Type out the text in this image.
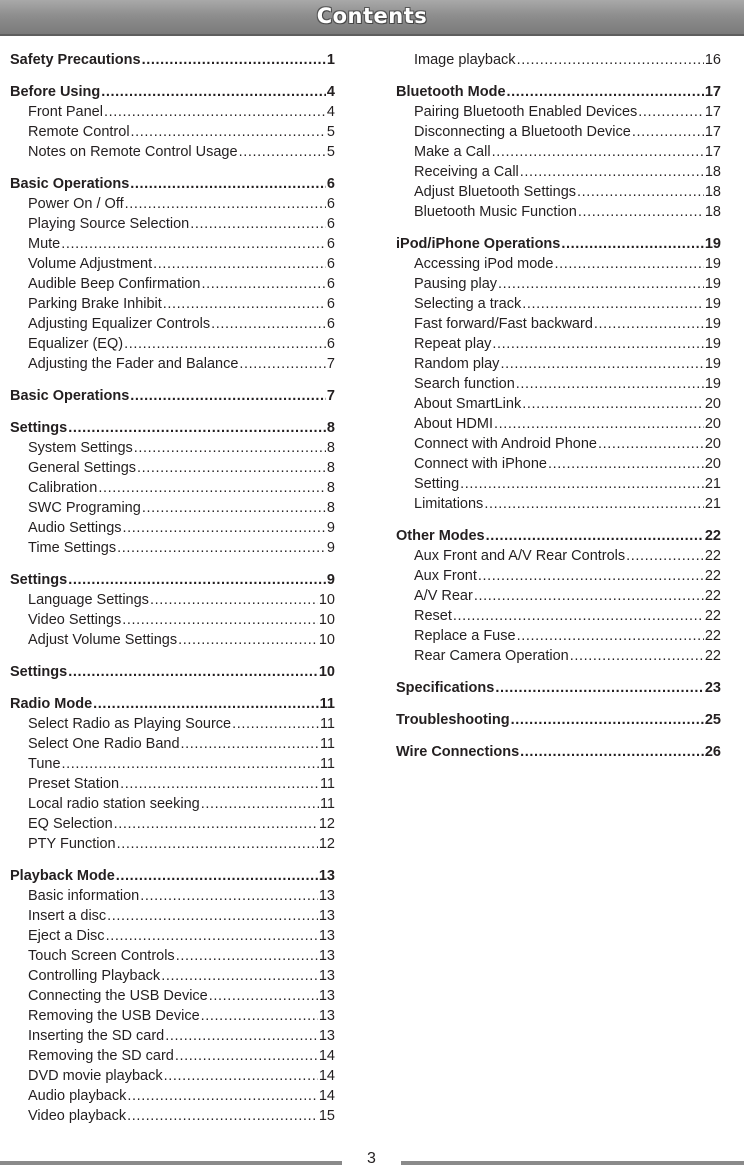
Contents
Safety Precautions .....	1
Before Using .....	4
Front Panel .....	4
Remote Control .....	5
Notes on Remote Control Usage .....	5
Basic Operations .....	6
Power On / Off .....	6
Playing Source Selection .....	6
Mute .....	6
Volume Adjustment .....	6
Audible Beep Confirmation .....	6
Parking Brake Inhibit .....	6
Adjusting Equalizer Controls .....	6
Equalizer (EQ) .....	6
Adjusting the Fader and Balance .....	7
Basic Operations .....	7
Settings .....	8
System Settings .....	8
General Settings .....	8
Calibration .....	8
SWC Programing .....	8
Audio Settings .....	9
Time Settings .....	9
Settings .....	9
Language Settings .....	10
Video Settings .....	10
Adjust Volume Settings .....	10
Settings .....	10
Radio Mode .....	11
Select Radio as Playing Source .....	11
Select One Radio Band .....	11
Tune .....	11
Preset Station .....	11
Local radio station seeking .....	11
EQ Selection .....	12
PTY Function .....	12
Playback Mode .....	13
Basic information .....	13
Insert a disc .....	13
Eject a Disc .....	13
Touch Screen Controls .....	13
Controlling Playback .....	13
Connecting the USB Device .....	13
Removing the USB Device .....	13
Inserting the SD card .....	13
Removing the SD card .....	14
DVD movie playback .....	14
Audio playback .....	14
Video playback .....	15
Image playback .....	16
Bluetooth Mode .....	17
Pairing Bluetooth Enabled Devices .....	17
Disconnecting a Bluetooth Device .....	17
Make a Call .....	17
Receiving a Call .....	18
Adjust Bluetooth Settings .....	18
Bluetooth Music Function .....	18
iPod/iPhone Operations .....	19
Accessing iPod mode .....	19
Pausing play .....	19
Selecting a track .....	19
Fast forward/Fast backward .....	19
Repeat play .....	19
Random play .....	19
Search function .....	19
About SmartLink .....	20
About HDMI .....	20
Connect with Android Phone .....	20
Connect with iPhone .....	20
Setting .....	21
Limitations .....	21
Other Modes .....	22
Aux Front and A/V Rear Controls .....	22
Aux Front .....	22
A/V Rear .....	22
Reset .....	22
Replace a Fuse .....	22
Rear Camera Operation .....	22
Specifications .....	23
Troubleshooting .....	25
Wire Connections .....	26
3
